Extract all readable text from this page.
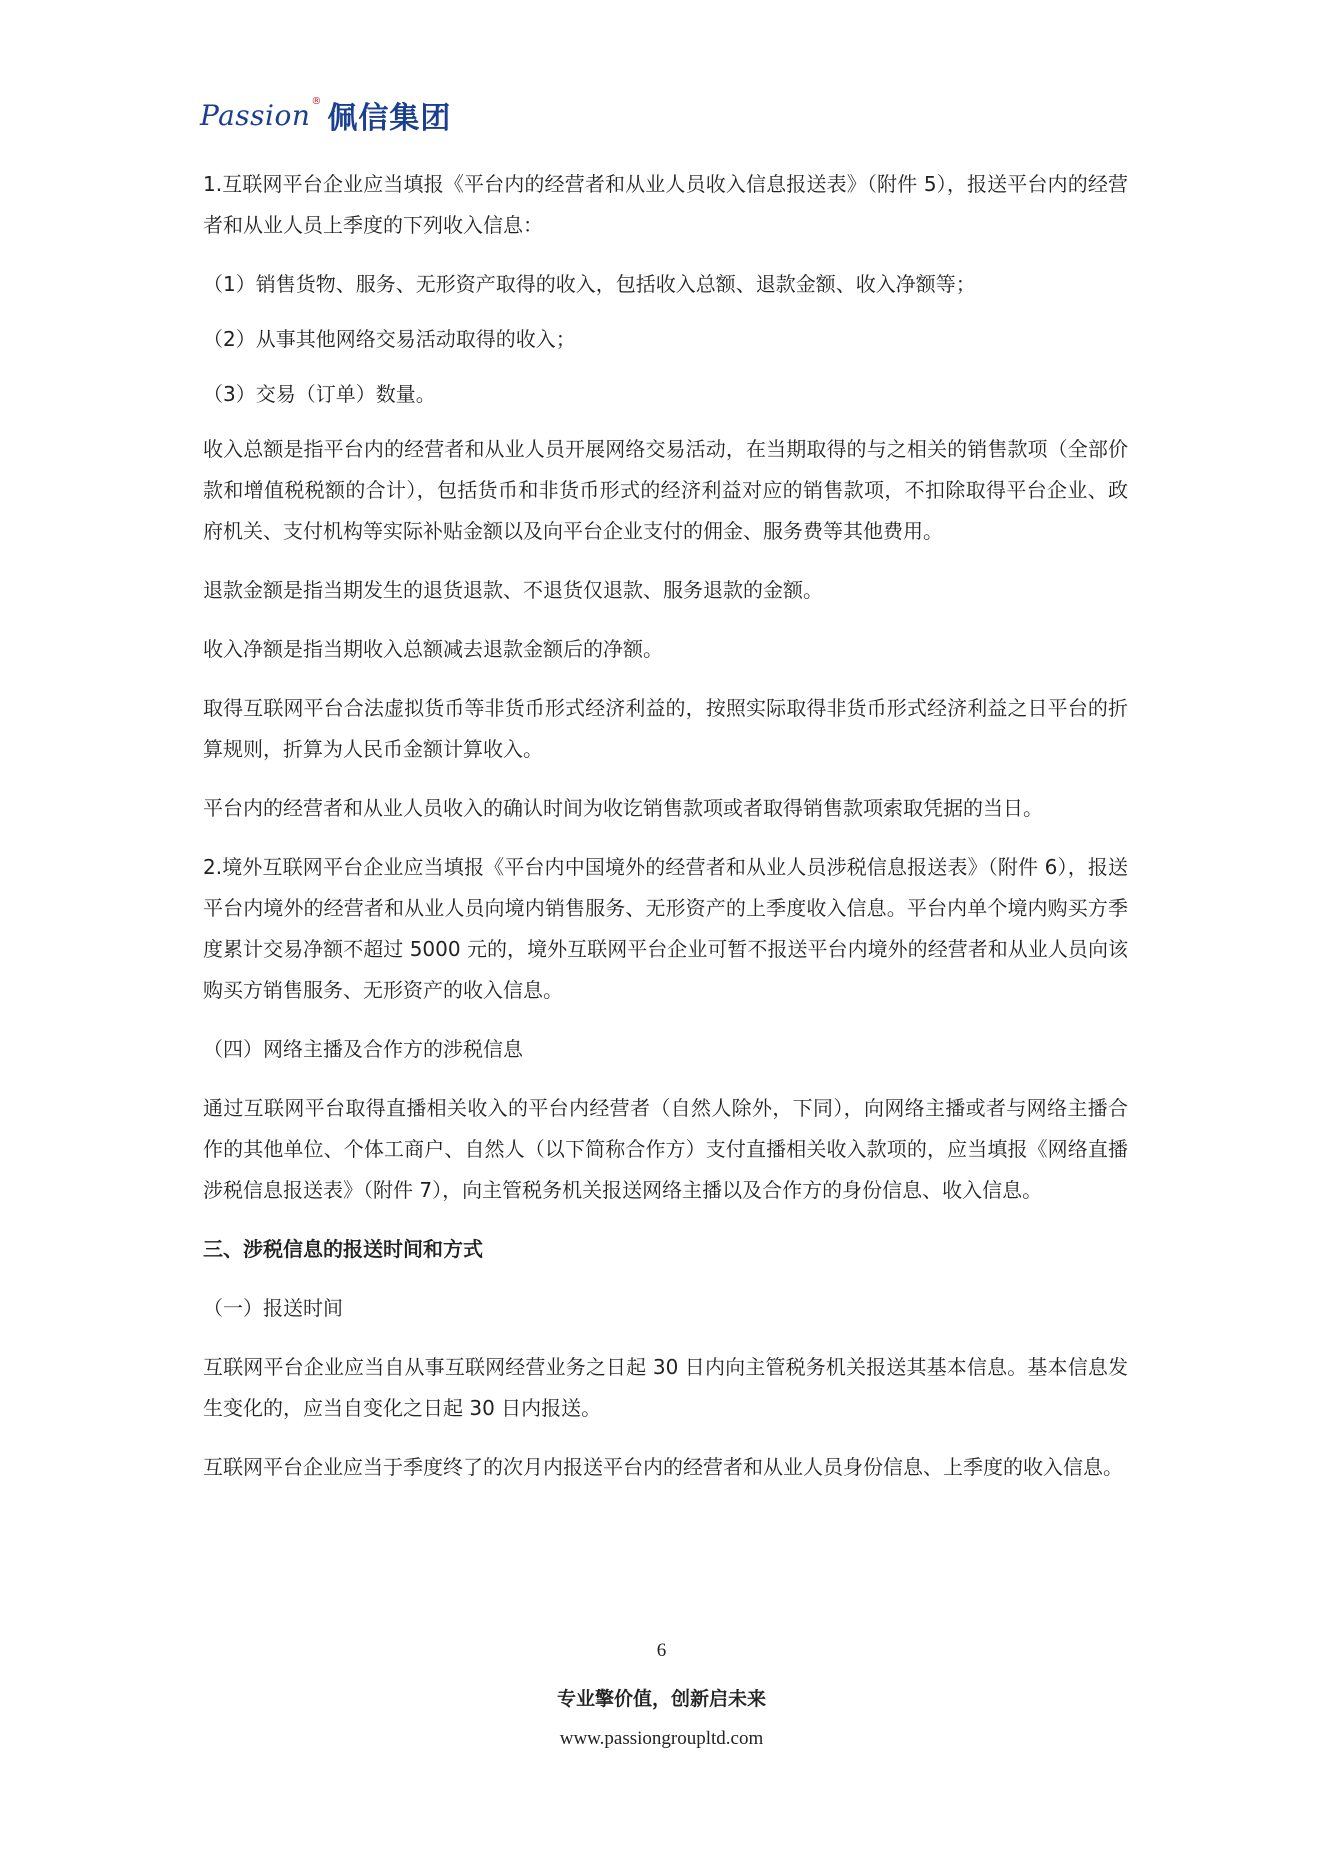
Passion ® 佩信集团

1.互联网平台企业应当填报《平台内的经营者和从业人员收入信息报送表》（附件 5），报送平台内的经营者和从业人员上季度的下列收入信息：

（1）销售货物、服务、无形资产取得的收入，包括收入总额、退款金额、收入净额等；

（2）从事其他网络交易活动取得的收入；

（3）交易（订单）数量。

收入总额是指平台内的经营者和从业人员开展网络交易活动，在当期取得的与之相关的销售款项（全部价款和增值税税额的合计），包括货币和非货币形式的经济利益对应的销售款项，不扣除取得平台企业、政府机关、支付机构等实际补贴金额以及向平台企业支付的佣金、服务费等其他费用。

退款金额是指当期发生的退货退款、不退货仅退款、服务退款的金额。

收入净额是指当期收入总额减去退款金额后的净额。

取得互联网平台合法虚拟货币等非货币形式经济利益的，按照实际取得非货币形式经济利益之日平台的折算规则，折算为人民币金额计算收入。

平台内的经营者和从业人员收入的确认时间为收讫销售款项或者取得销售款项索取凭据的当日。

2.境外互联网平台企业应当填报《平台内中国境外的经营者和从业人员涉税信息报送表》（附件 6），报送平台内境外的经营者和从业人员向境内销售服务、无形资产的上季度收入信息。平台内单个境内购买方季度累计交易净额不超过 5000 元的，境外互联网平台企业可暂不报送平台内境外的经营者和从业人员向该购买方销售服务、无形资产的收入信息。

（四）网络主播及合作方的涉税信息

通过互联网平台取得直播相关收入的平台内经营者（自然人除外，下同），向网络主播或者与网络主播合作的其他单位、个体工商户、自然人（以下简称合作方）支付直播相关收入款项的，应当填报《网络直播涉税信息报送表》（附件 7），向主管税务机关报送网络主播以及合作方的身份信息、收入信息。

三、涉税信息的报送时间和方式

（一）报送时间

互联网平台企业应当自从事互联网经营业务之日起 30 日内向主管税务机关报送其基本信息。基本信息发生变化的，应当自变化之日起 30 日内报送。

互联网平台企业应当于季度终了的次月内报送平台内的经营者和从业人员身份信息、上季度的收入信息。

6
专业擎价值，创新启未来
www.passiongroupltd.com
